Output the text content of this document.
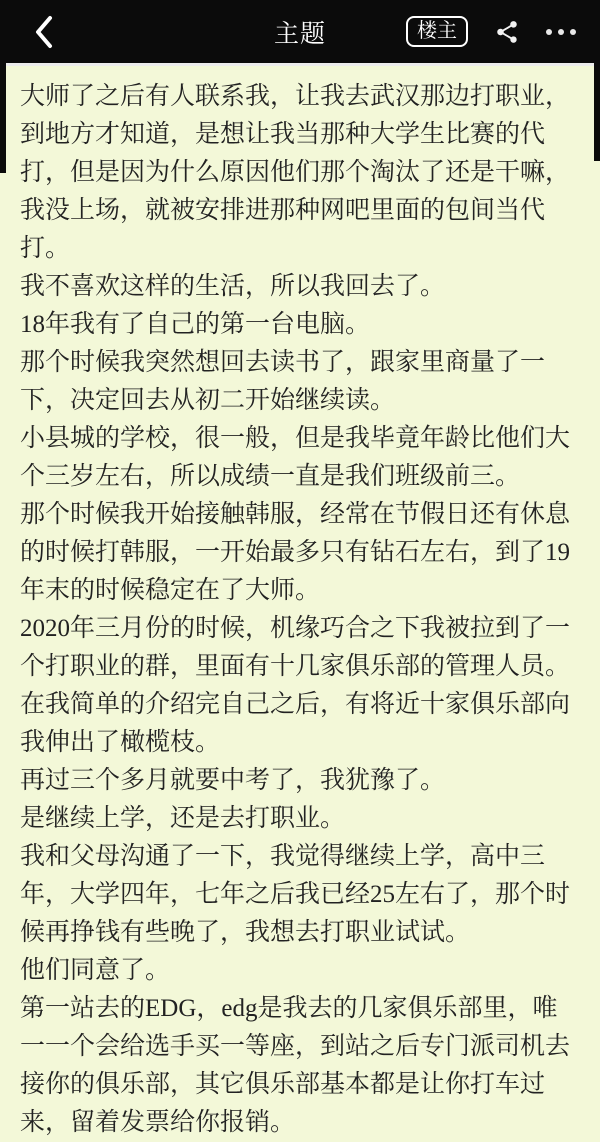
主题	楼主

大师了之后有人联系我，让我去武汉那边打职业，到地方才知道，是想让我当那种大学生比赛的代打，但是因为什么原因他们那个淘汰了还是干嘛，我没上场，就被安排进那种网吧里面的包间当代打。

我不喜欢这样的生活，所以我回去了。

18年我有了自己的第一台电脑。

那个时候我突然想回去读书了，跟家里商量了一下，决定回去从初二开始继续读。

小县城的学校，很一般，但是我毕竟年龄比他们大个三岁左右，所以成绩一直是我们班级前三。

那个时候我开始接触韩服，经常在节假日还有休息的时候打韩服，一开始最多只有钻石左右，到了19年末的时候稳定在了大师。

2020年三月份的时候，机缘巧合之下我被拉到了一个打职业的群，里面有十几家俱乐部的管理人员。在我简单的介绍完自己之后，有将近十家俱乐部向我伸出了橄榄枝。

再过三个多月就要中考了，我犹豫了。

是继续上学，还是去打职业。

我和父母沟通了一下，我觉得继续上学，高中三年，大学四年，七年之后我已经25左右了，那个时候再挣钱有些晚了，我想去打职业试试。

他们同意了。

第一站去的EDG，edg是我去的几家俱乐部里，唯一一个会给选手买一等座，到站之后专门派司机去接你的俱乐部，其它俱乐部基本都是让你打车过来，留着发票给你报销。
